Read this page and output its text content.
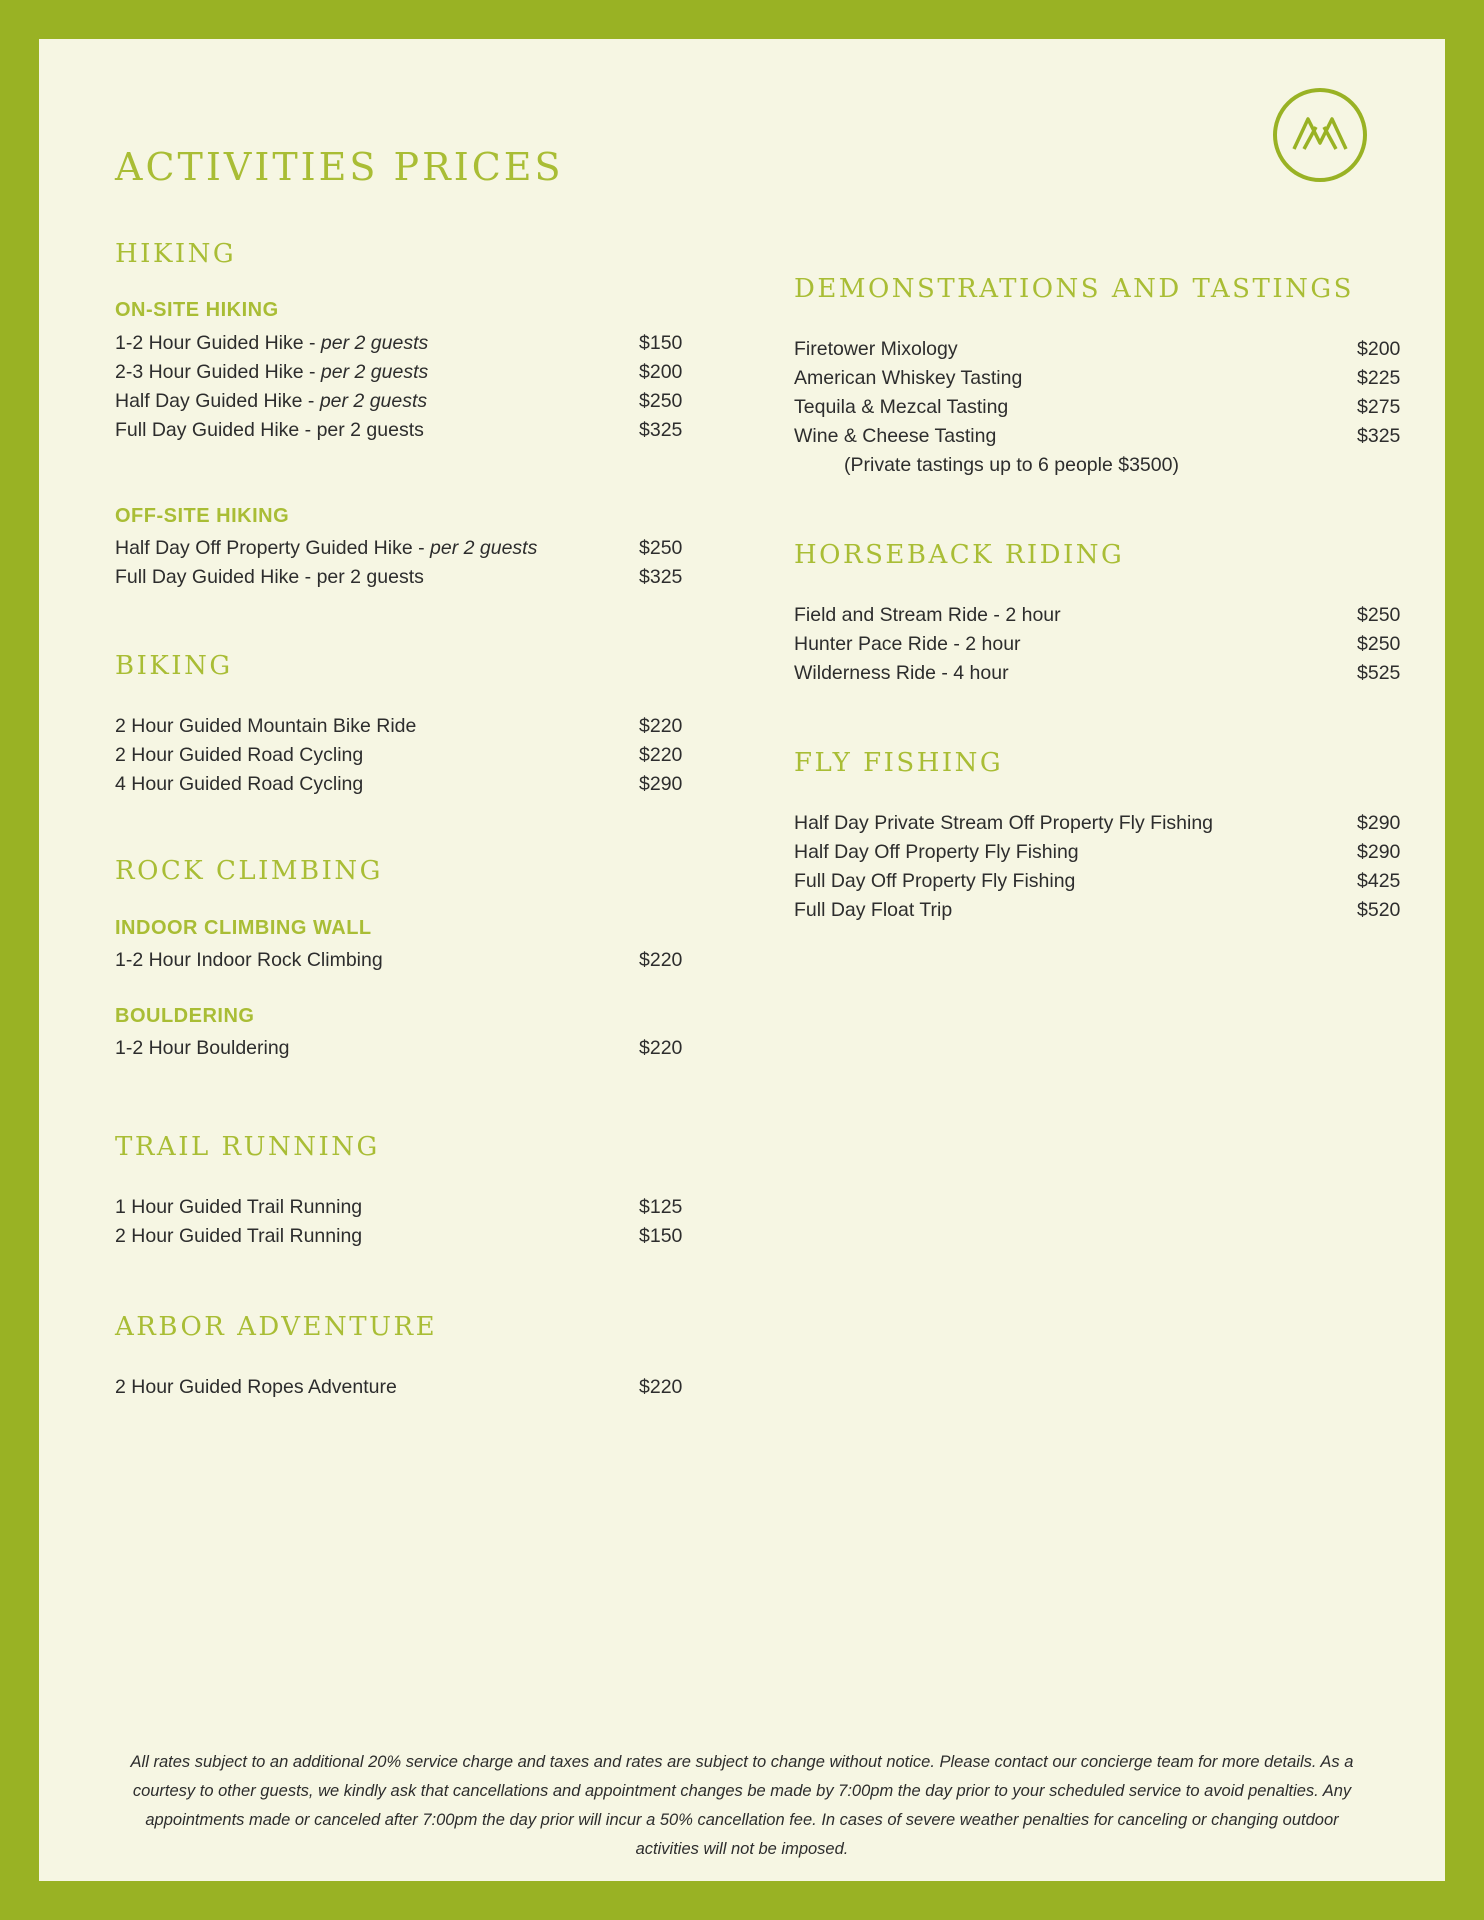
ACTIVITIES PRICES
HIKING
ON-SITE HIKING
1-2 Hour Guided Hike - per 2 guests	$150
2-3 Hour Guided Hike - per 2 guests	$200
Half Day Guided Hike - per 2 guests	$250
Full Day Guided Hike - per 2 guests	$325
OFF-SITE HIKING
Half Day Off Property Guided Hike - per 2 guests	$250
Full Day Guided Hike - per 2 guests	$325
BIKING
2 Hour Guided Mountain Bike Ride	$220
2 Hour Guided Road Cycling	$220
4 Hour Guided Road Cycling	$290
ROCK CLIMBING
INDOOR CLIMBING WALL
1-2 Hour Indoor Rock Climbing	$220
BOULDERING
1-2 Hour Bouldering	$220
TRAIL RUNNING
1 Hour Guided Trail Running	$125
2 Hour Guided Trail Running	$150
ARBOR ADVENTURE
2 Hour Guided Ropes Adventure	$220
DEMONSTRATIONS AND TASTINGS
Firetower Mixology	$200
American Whiskey Tasting	$225
Tequila & Mezcal Tasting	$275
Wine & Cheese Tasting	$325
(Private tastings up to 6 people $3500)
HORSEBACK RIDING
Field and Stream Ride - 2 hour	$250
Hunter Pace Ride - 2 hour	$250
Wilderness Ride - 4 hour	$525
FLY FISHING
Half Day Private Stream Off Property Fly Fishing	$290
Half Day Off Property Fly Fishing	$290
Full Day Off Property Fly Fishing	$425
Full Day Float Trip	$520
All rates subject to an additional 20% service charge and taxes and rates are subject to change without notice. Please contact our concierge team for more details. As a courtesy to other guests, we kindly ask that cancellations and appointment changes be made by 7:00pm the day prior to your scheduled service to avoid penalties. Any appointments made or canceled after 7:00pm the day prior will incur a 50% cancellation fee. In cases of severe weather penalties for canceling or changing outdoor activities will not be imposed.
